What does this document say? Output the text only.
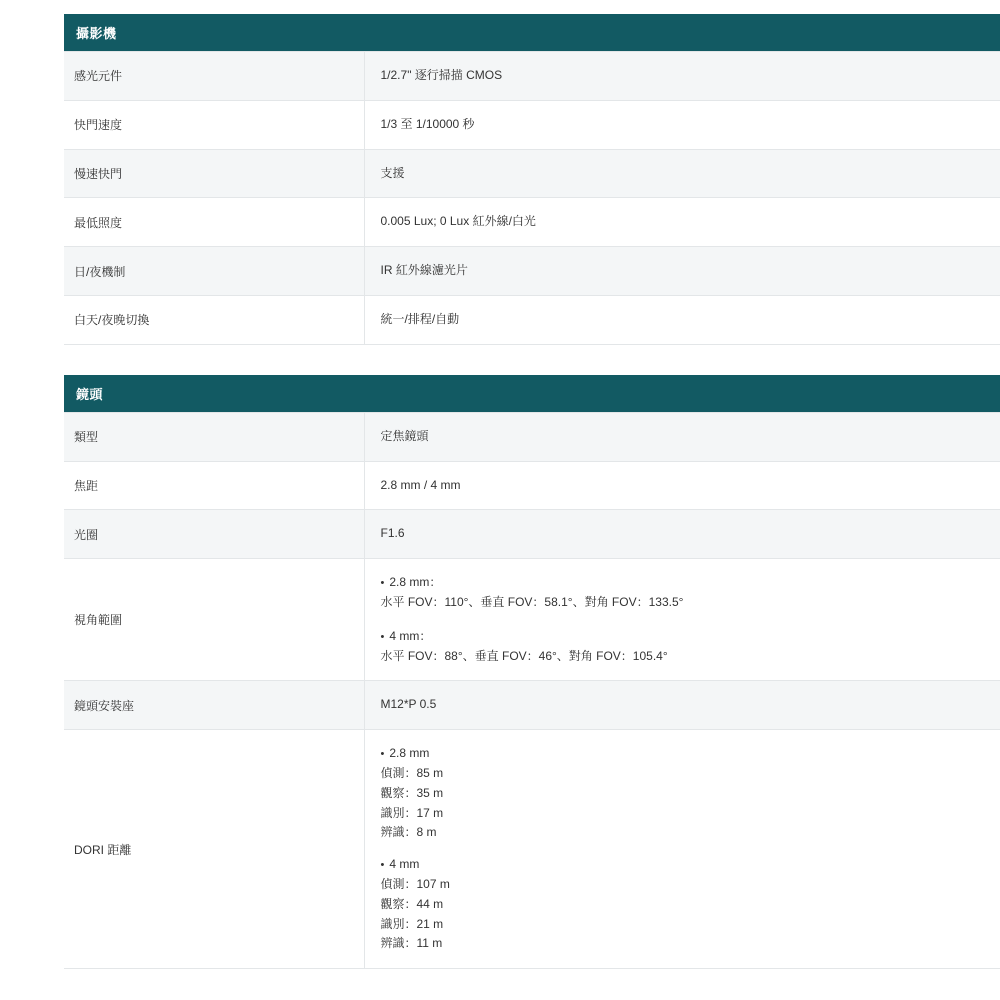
攝影機	
感光元件	1/2.7" 逐行掃描 CMOS
快門速度	1/3 至 1/10000 秒
慢速快門	支援
最低照度	0.005 Lux; 0 Lux 紅外線/白光
日/夜機制	IR 紅外線濾光片
白天/夜晚切換	統一/排程/自動
鏡頭	
類型	定焦鏡頭
焦距	2.8 mm / 4 mm
光圈	F1.6
視角範圍	• 2.8 mm：
水平 FOV：110°、垂直 FOV：58.1°、對角 FOV：133.5°
• 4 mm：
水平 FOV：88°、垂直 FOV：46°、對角 FOV：105.4°

鏡頭安裝座	M12*P 0.5
DORI 距離	
• 2.8 mm
偵測：85 m
觀察：35 m
識別：17 m
辨識：8 m
• 4 mm
偵測：107 m
觀察：44 m
識別：21 m
辨識：11 m
